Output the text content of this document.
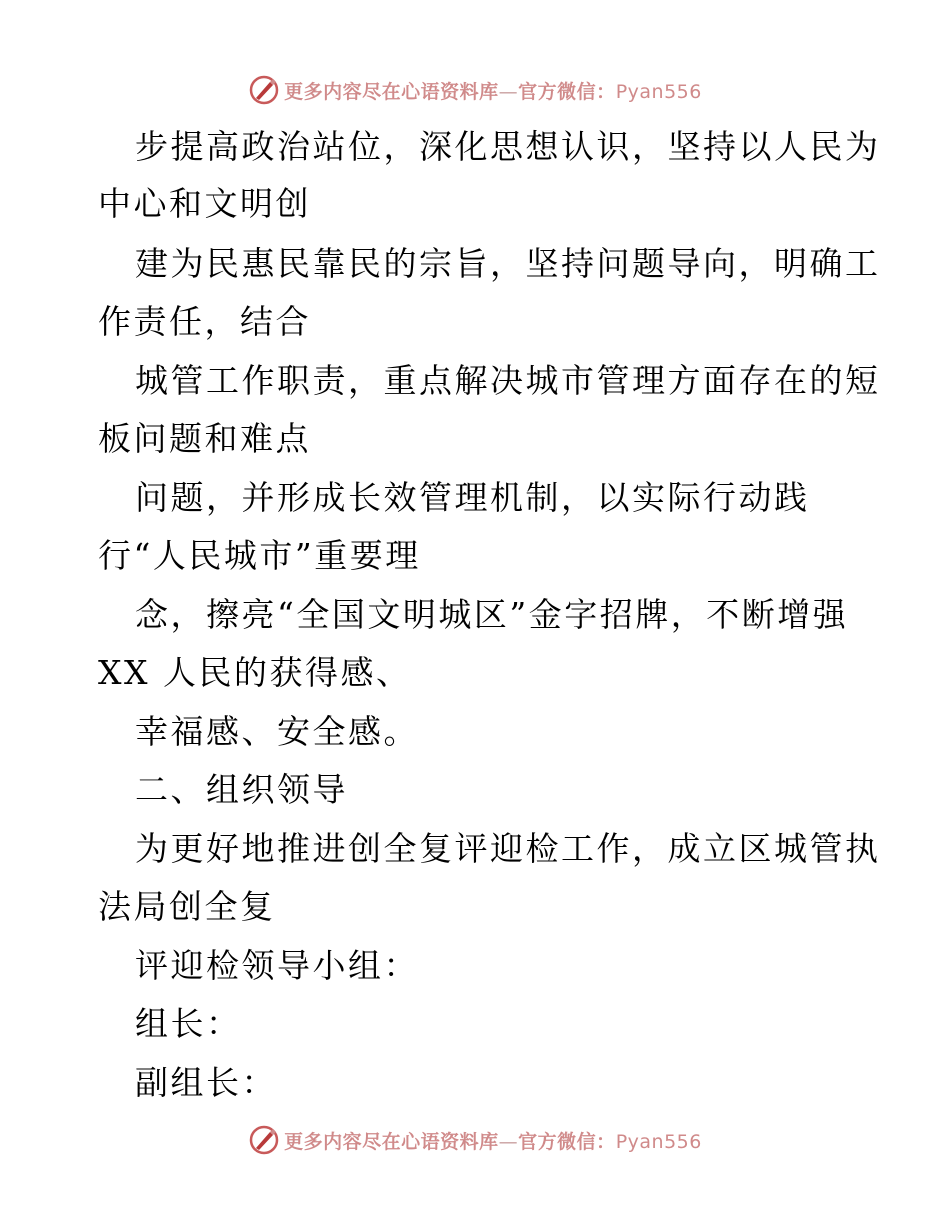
更多内容尽在心语资料库—官方微信：Pyan556
步提高政治站位，深化思想认识，坚持以人民为
中心和文明创
建为民惠民靠民的宗旨，坚持问题导向，明确工
作责任，结合
城管工作职责，重点解决城市管理方面存在的短
板问题和难点
问题，并形成长效管理机制，以实际行动践
行“人民城市”重要理
念，擦亮“全国文明城区”金字招牌，不断增强
XX 人民的获得感、
幸福感、安全感。
二、组织领导
为更好地推进创全复评迎检工作，成立区城管执
法局创全复
评迎检领导小组：
组长：
副组长：
更多内容尽在心语资料库—官方微信：Pyan556
